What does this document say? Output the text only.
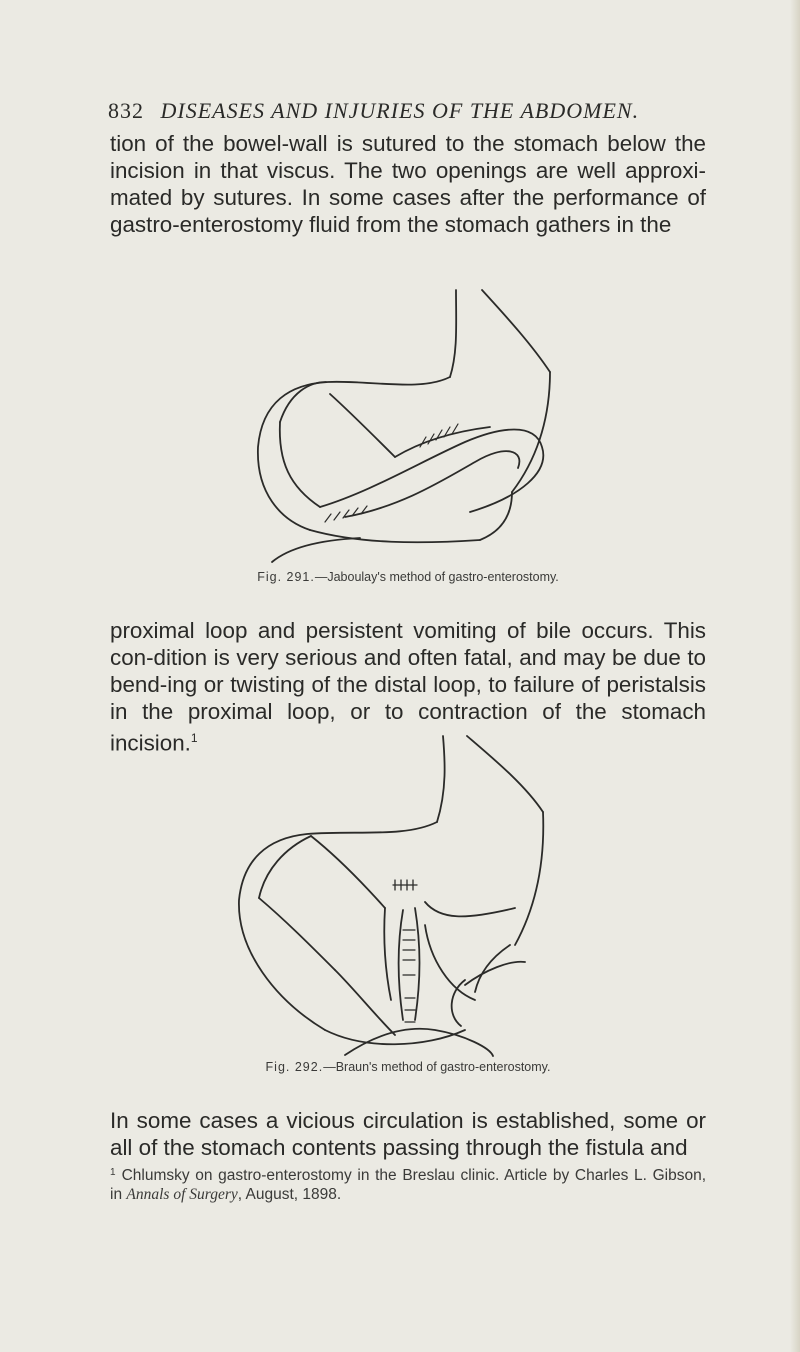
832 DISEASES AND INJURIES OF THE ABDOMEN.

tion of the bowel-wall is sutured to the stomach below the incision in that viscus. The two openings are well approxi-mated by sutures. In some cases after the performance of gastro-enterostomy fluid from the stomach gathers in the

Fig. 291.—Jaboulay's method of gastro-enterostomy.

proximal loop and persistent vomiting of bile occurs. This con-dition is very serious and often fatal, and may be due to bend-ing or twisting of the distal loop, to failure of peristalsis in the proximal loop, or to contraction of the stomach incision.$^1$

Fig. 292.—Braun's method of gastro-enterostomy.

In some cases a vicious circulation is established, some or all of the stomach contents passing through the fistula and

$^1$ Chlumsky on gastro-enterostomy in the Breslau clinic. Article by Charles L. Gibson, in Annals of Surgery, August, 1898.
